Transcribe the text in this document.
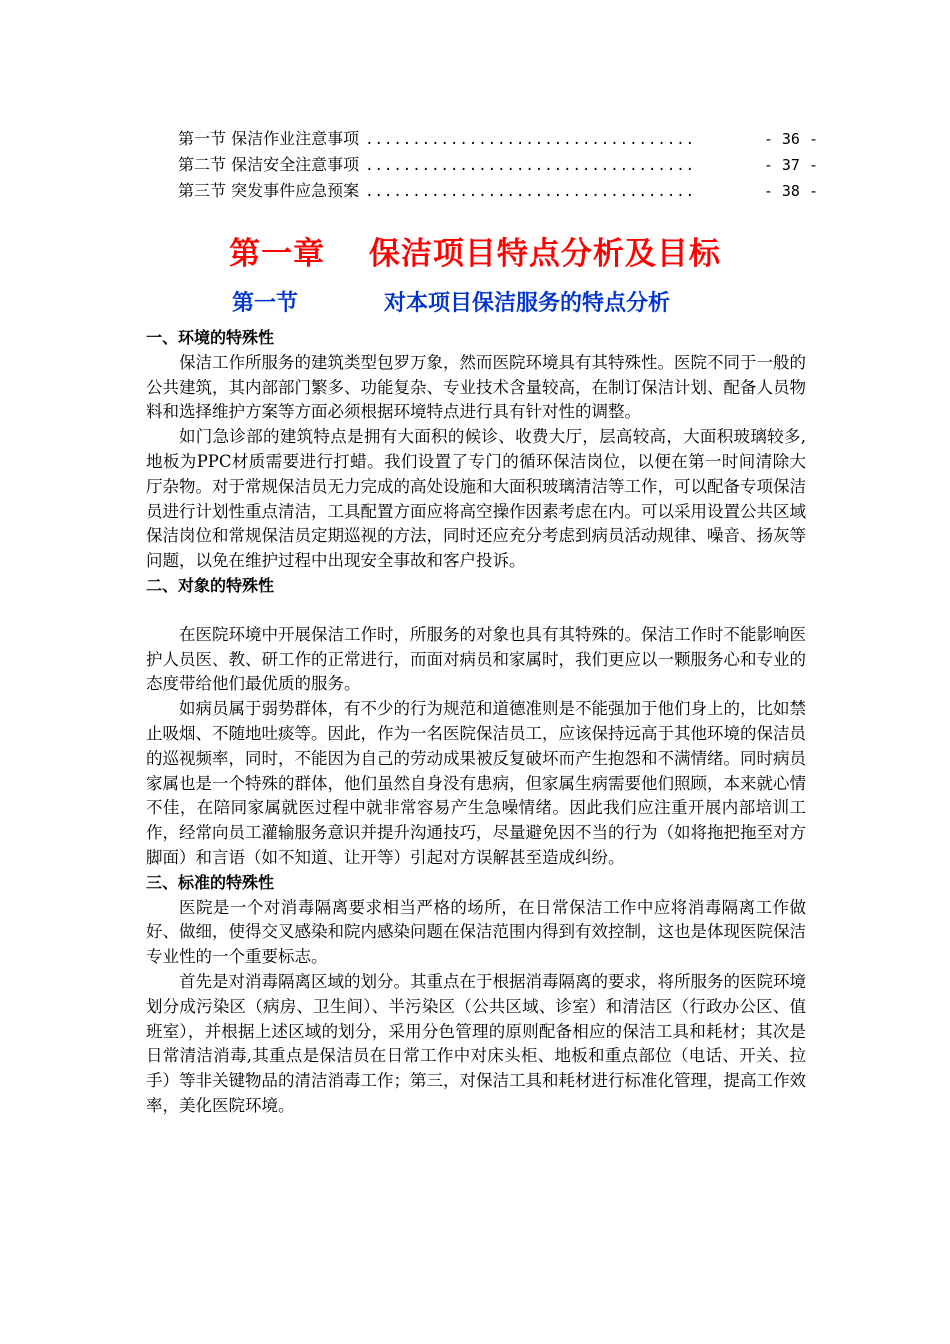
第一节 保洁作业注意事项 ...................................	- 36 -
第二节 保洁安全注意事项 ...................................	- 37 -
第三节 突发事件应急预案 ...................................	- 38 -
第一章　 保洁项目特点分析及目标
第一节	对本项目保洁服务的特点分析
一、环境的特殊性

保洁工作所服务的建筑类型包罗万象，然而医院环境具有其特殊性。医院不同于一般的公共建筑，其内部部门繁多、功能复杂、专业技术含量较高，在制订保洁计划、配备人员物料和选择维护方案等方面必须根据环境特点进行具有针对性的调整。

如门急诊部的建筑特点是拥有大面积的候诊、收费大厅，层高较高，大面积玻璃较多,地板为PPC材质需要进行打蜡。我们设置了专门的循环保洁岗位，以便在第一时间清除大厅杂物。对于常规保洁员无力完成的高处设施和大面积玻璃清洁等工作，可以配备专项保洁员进行计划性重点清洁，工具配置方面应将高空操作因素考虑在内。可以采用设置公共区域保洁岗位和常规保洁员定期巡视的方法，同时还应充分考虑到病员活动规律、噪音、扬灰等问题，以免在维护过程中出现安全事故和客户投诉。

二、对象的特殊性

在医院环境中开展保洁工作时，所服务的对象也具有其特殊的。保洁工作时不能影响医护人员医、教、研工作的正常进行，而面对病员和家属时，我们更应以一颗服务心和专业的态度带给他们最优质的服务。

如病员属于弱势群体，有不少的行为规范和道德准则是不能强加于他们身上的，比如禁止吸烟、不随地吐痰等。因此，作为一名医院保洁员工，应该保持远高于其他环境的保洁员的巡视频率，同时，不能因为自己的劳动成果被反复破坏而产生抱怨和不满情绪。同时病员家属也是一个特殊的群体，他们虽然自身没有患病，但家属生病需要他们照顾，本来就心情不佳，在陪同家属就医过程中就非常容易产生急噪情绪。因此我们应注重开展内部培训工作，经常向员工灌输服务意识并提升沟通技巧，尽量避免因不当的行为（如将拖把拖至对方脚面）和言语（如不知道、让开等）引起对方误解甚至造成纠纷。

三、标准的特殊性

医院是一个对消毒隔离要求相当严格的场所，在日常保洁工作中应将消毒隔离工作做好、做细，使得交叉感染和院内感染问题在保洁范围内得到有效控制，这也是体现医院保洁专业性的一个重要标志。

首先是对消毒隔离区域的划分。其重点在于根据消毒隔离的要求，将所服务的医院环境划分成污染区（病房、卫生间）、半污染区（公共区域、诊室）和清洁区（行政办公区、值班室），并根据上述区域的划分，采用分色管理的原则配备相应的保洁工具和耗材；其次是日常清洁消毒,其重点是保洁员在日常工作中对床头柜、地板和重点部位（电话、开关、拉手）等非关键物品的清洁消毒工作；第三，对保洁工具和耗材进行标准化管理，提高工作效率，美化医院环境。
